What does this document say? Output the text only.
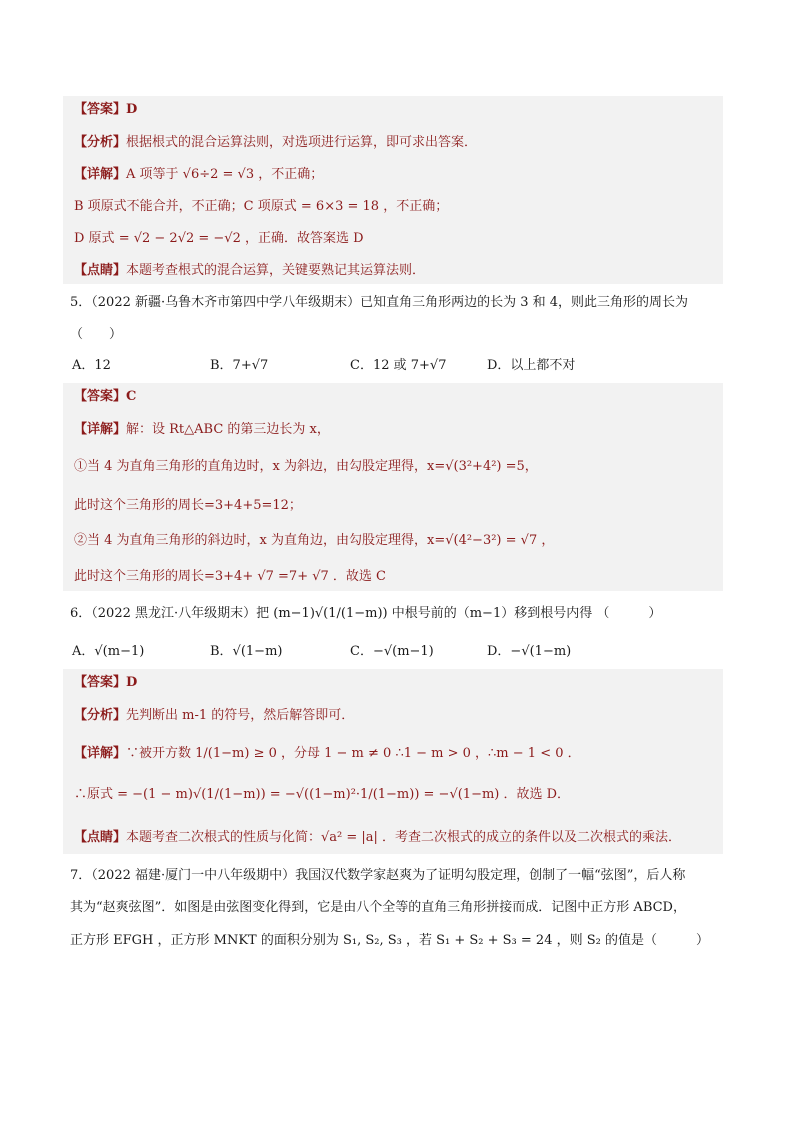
【答案】D
【分析】根据根式的混合运算法则，对选项进行运算，即可求出答案．
【详解】A 项等于 √6÷2 = √3 ，不正确；
B 项原式不能合并，不正确；C 项原式 = 6×3 = 18 ，不正确；
D 原式 = √2 − 2√2 = −√2 ，正确．故答案选 D
【点睛】本题考查根式的混合运算，关键要熟记其运算法则．
5．（2022 新疆·乌鲁木齐市第四中学八年级期末）已知直角三角形两边的长为 3 和 4，则此三角形的周长为
（　　）
A．12	B．7+√7	C．12 或 7+√7	D．以上都不对
【答案】C
【详解】解：设 Rt△ABC 的第三边长为 x，
①当 4 为直角三角形的直角边时，x 为斜边，由勾股定理得，x=√(3²+4²) =5，
此时这个三角形的周长=3+4+5=12；
②当 4 为直角三角形的斜边时，x 为直角边，由勾股定理得，x=√(4²−3²) = √7 ，
此时这个三角形的周长=3+4+ √7 =7+ √7 ．故选 C
6．（2022 黑龙江·八年级期末）把 (m−1)√(1/(1−m)) 中根号前的（m−1）移到根号内得 （　　　）
A．√(m−1)	B．√(1−m)	C．−√(m−1)	D．−√(1−m)
【答案】D
【分析】先判断出 m-1 的符号，然后解答即可．
【详解】∵被开方数 1/(1−m) ≥ 0 ，分母 1 − m ≠ 0 ∴1 − m > 0 ，∴m − 1 < 0 ．
∴原式 = −(1 − m)√(1/(1−m)) = −√((1−m)²·1/(1−m)) = −√(1−m) ．故选 D．
【点睛】本题考查二次根式的性质与化简：√a² = |a| ．考查二次根式的成立的条件以及二次根式的乘法．
7．（2022 福建·厦门一中八年级期中）我国汉代数学家赵爽为了证明勾股定理，创制了一幅“弦图”，后人称
其为“赵爽弦图”．如图是由弦图变化得到，它是由八个全等的直角三角形拼接而成．记图中正方形 ABCD，
正方形 EFGH ，正方形 MNKT 的面积分别为 S₁, S₂, S₃ ，若 S₁ + S₂ + S₃ = 24 ，则 S₂ 的值是（　　　）
